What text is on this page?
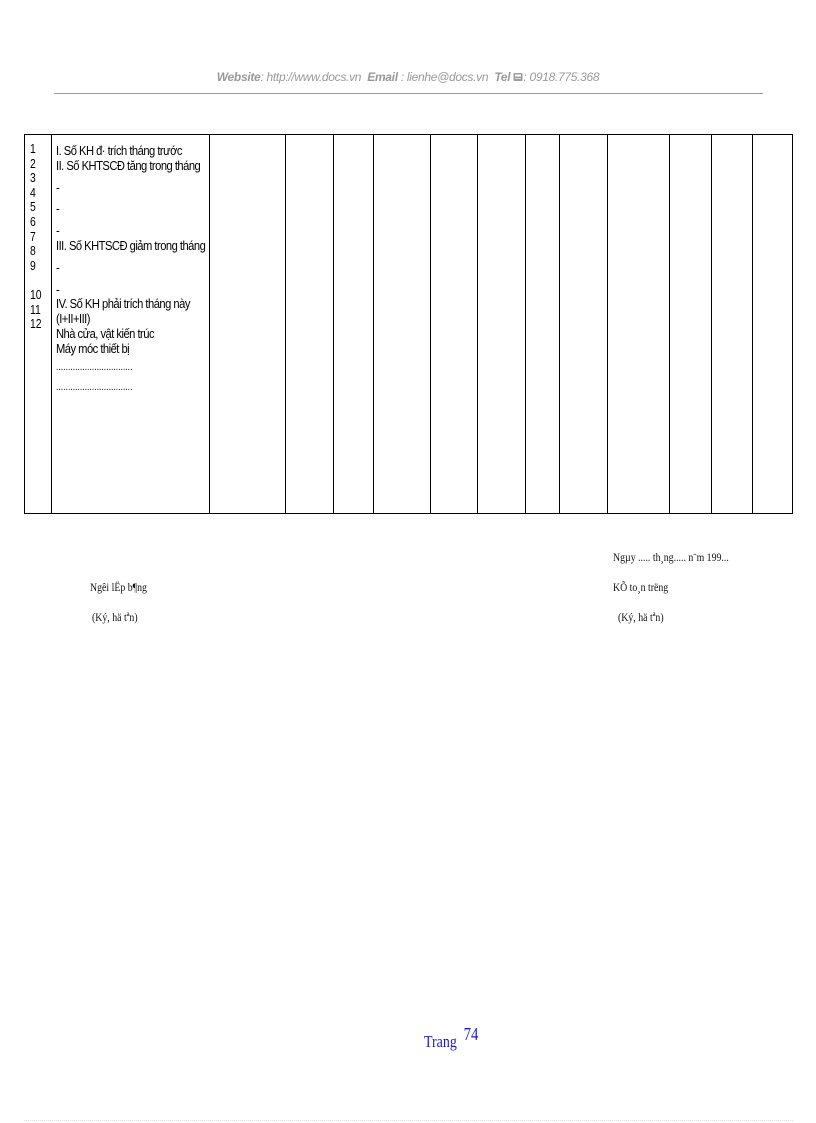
Website: http://www.docs.vn Email : lienhe@docs.vn Tel : 0918.775.368
1
2
3
4
5
6
7
8
9
10
11
12
I. Số KH đ· trích tháng trước
II. Số KHTSCĐ tăng trong tháng
-
-
-
III. Số KHTSCĐ giảm trong tháng
-
-
IV. Số KH phải trích tháng này
(I+II+III)
Nhà cửa, vật kiến trúc
Máy móc thiết bị
................................
................................
Ngµy ..... th¸ng..... n¨m 199...
Ngêi lËp b¶ng
(Ký, hä tªn)
KÕ to¸n trëng
(Ký, hä tªn)
Trang 74
